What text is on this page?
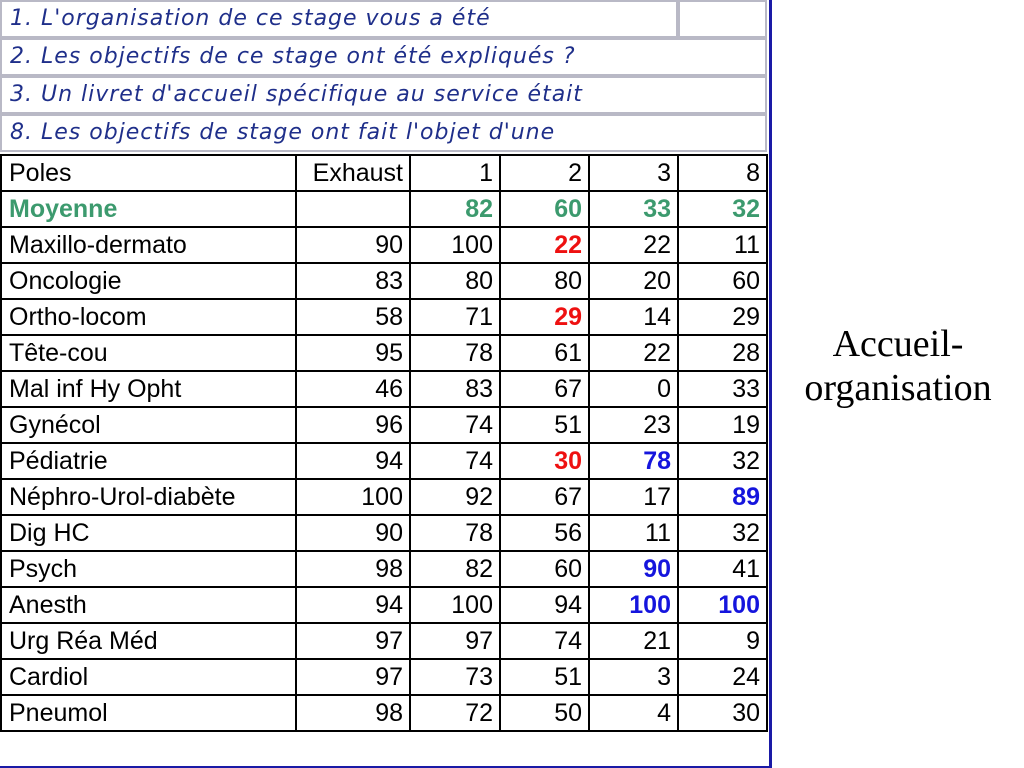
1. L'organisation de ce stage vous a été
2. Les objectifs de ce stage ont été expliqués ?
3. Un livret d'accueil spécifique au service était
8. Les objectifs de stage ont fait l'objet d'une
Poles	Exhaust	1	2	3	8
Moyenne		82	60	33	32
Maxillo-dermato	90	100	22	22	11
Oncologie	83	80	80	20	60
Ortho-locom	58	71	29	14	29
Tête-cou	95	78	61	22	28
Mal inf Hy Opht	46	83	67	0	33
Gynécol	96	74	51	23	19
Pédiatrie	94	74	30	78	32
Néphro-Urol-diabète	100	92	67	17	89
Dig HC	90	78	56	11	32
Psych	98	82	60	90	41
Anesth	94	100	94	100	100
Urg Réa Méd	97	97	74	21	9
Cardiol	97	73	51	3	24
Pneumol	98	72	50	4	30
Accueil-
organisation
